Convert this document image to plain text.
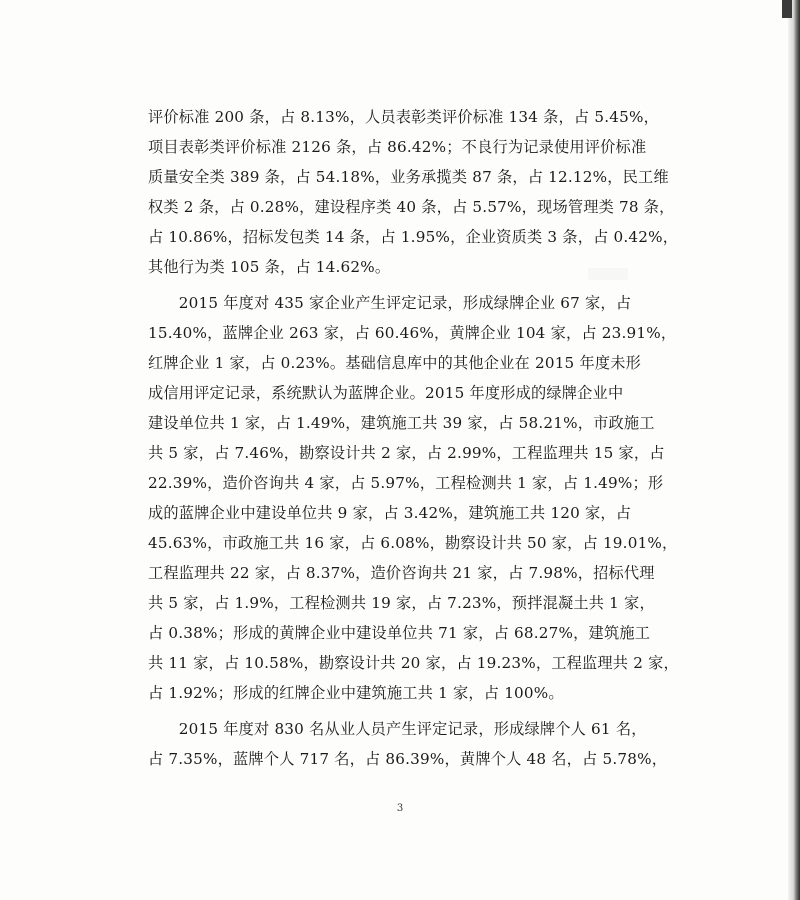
评价标准 200 条，占 8.13%，人员表彰类评价标准 134 条，占 5.45%，
项目表彰类评价标准 2126 条，占 86.42%；不良行为记录使用评价标准
质量安全类 389 条，占 54.18%，业务承揽类 87 条，占 12.12%，民工维
权类 2 条，占 0.28%，建设程序类 40 条，占 5.57%，现场管理类 78 条，
占 10.86%，招标发包类 14 条，占 1.95%，企业资质类 3 条，占 0.42%，
其他行为类 105 条，占 14.62%。
　　2015 年度对 435 家企业产生评定记录，形成绿牌企业 67 家，占
15.40%，蓝牌企业 263 家，占 60.46%，黄牌企业 104 家，占 23.91%，
红牌企业 1 家，占 0.23%。基础信息库中的其他企业在 2015 年度未形
成信用评定记录，系统默认为蓝牌企业。2015 年度形成的绿牌企业中
建设单位共 1 家，占 1.49%，建筑施工共 39 家，占 58.21%，市政施工
共 5 家，占 7.46%，勘察设计共 2 家，占 2.99%，工程监理共 15 家，占
22.39%，造价咨询共 4 家，占 5.97%，工程检测共 1 家，占 1.49%；形
成的蓝牌企业中建设单位共 9 家，占 3.42%，建筑施工共 120 家，占
45.63%，市政施工共 16 家，占 6.08%，勘察设计共 50 家，占 19.01%，
工程监理共 22 家，占 8.37%，造价咨询共 21 家，占 7.98%，招标代理
共 5 家，占 1.9%，工程检测共 19 家，占 7.23%，预拌混凝土共 1 家，
占 0.38%；形成的黄牌企业中建设单位共 71 家，占 68.27%，建筑施工
共 11 家，占 10.58%，勘察设计共 20 家，占 19.23%，工程监理共 2 家，
占 1.92%；形成的红牌企业中建筑施工共 1 家，占 100%。
　　2015 年度对 830 名从业人员产生评定记录，形成绿牌个人 61 名，
占 7.35%，蓝牌个人 717 名，占 86.39%，黄牌个人 48 名，占 5.78%，
3
